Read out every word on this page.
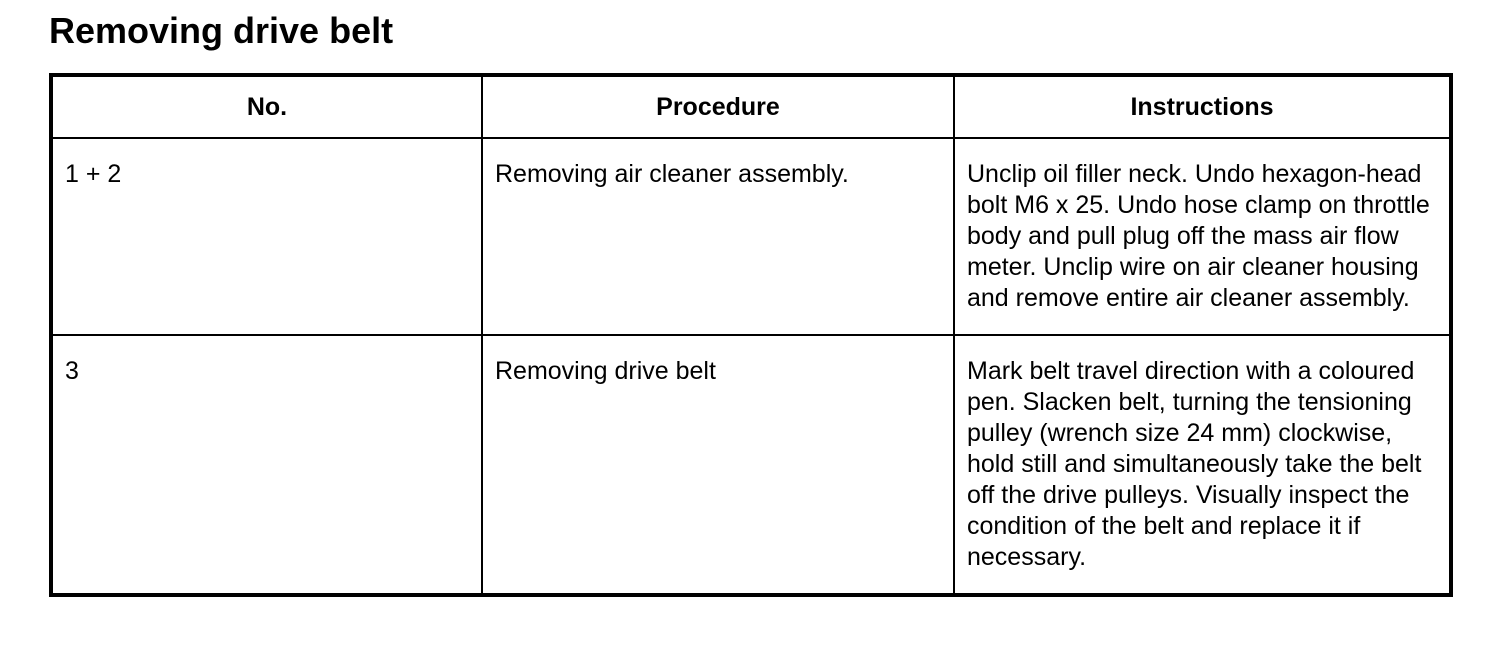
Removing drive belt
No.	Procedure	Instructions
1 + 2	Removing air cleaner assembly.	Unclip oil filler neck. Undo hexagon-head bolt M6 x 25. Undo hose clamp on throttle body and pull plug off the mass air flow meter. Unclip wire on air cleaner housing and remove entire air cleaner assembly.
3	Removing drive belt	Mark belt travel direction with a coloured pen. Slacken belt, turning the tensioning pulley (wrench size 24 mm) clockwise, hold still and simultaneously take the belt off the drive pulleys. Visually inspect the condition of the belt and replace it if necessary.
